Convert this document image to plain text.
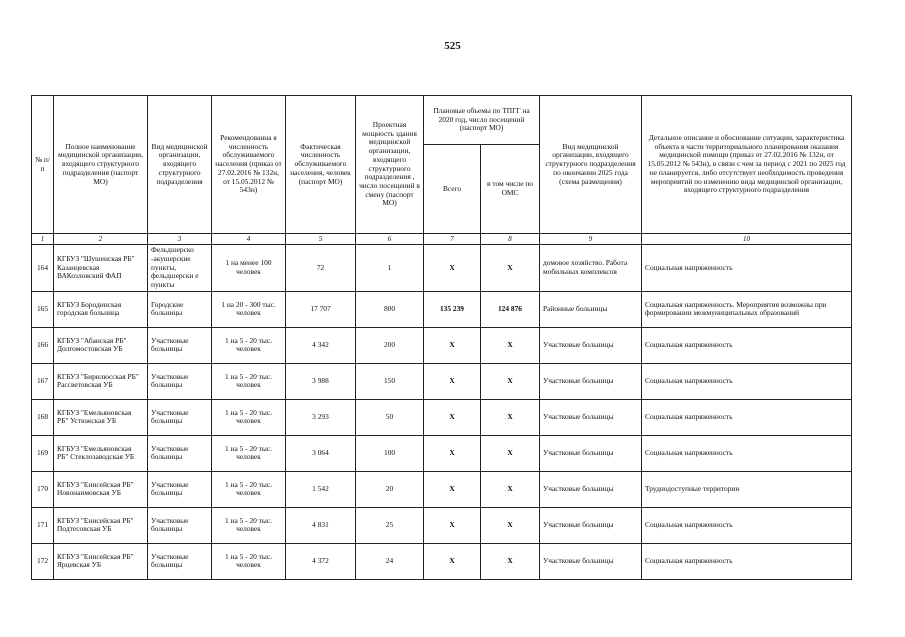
525
№ п/п	Полное наименование медицинской организации, входящего структурного подразделения (паспорт МО)	Вид медицинской организации, входящего структурного подразделения	Рекомендованна я численность обслуживаемого населения (приказ от 27.02.2016 № 132н, от 15.05.2012 № 543н)	Фактическая численность обслуживаемого населения, человек (паспорт МО)	Проектная мощность здания медицинской организации, входящего структурного подразделения , число посещений в смену (паспорт МО)	Плановые объемы по ТПГГ на 2020 год, число посещений (паспорт МО)		Вид медицинской организации, входящего структурного подразделения по окончании 2025 года (схема размещения)	Детальное описание и обоснование ситуации, характеристика объекта в части территориального планирования оказания медицинской помощи (приказ от 27.02.2016 № 132н, от 15.05.2012 № 543н), в связи с чем за период с 2021 по 2025 год не планируется, либо отсутствует необходимость проведения мероприятий по изменению вида медицинской организации, входящего структурного подразделения
						Всего	в том числе по ОМС		
1	2	3	4	5	6	7	8	9	10
164	КГБУЗ "Шушенская РБ" Казанцевская ВАКозловский ФАП	Фельдшерско -акушерские пункты, фельдшерски е пункты	1 на менее 100 человек	72	1	Х	Х	домовое хозяйство. Работа мобильных комплексов	Социальная напряженность
165	КГБУЗ Бородинская городская больница	Городские больницы	1 на 20 - 300 тыс. человек	17 707	800	135 239	124 876	Районные больницы	Социальная напряженность. Мероприятия возможны при формировании межмуниципальных образований
166	КГБУЗ "Абанская РБ" Долгомостовская УБ	Участковые больницы	1 на 5 - 20 тыс. человек	4 342	200	Х	Х	Участковые больницы	Социальная напряженность
167	КГБУЗ "Бирилюсская РБ" Рассветовская УБ	Участковые больницы	1 на 5 - 20 тыс. человек	3 988	150	Х	Х	Участковые больницы	Социальная напряженность
168	КГБУЗ "Емельяновская РБ" Устюжская УБ	Участковые больницы	1 на 5 - 20 тыс. человек	3 293	50	Х	Х	Участковые больницы	Социальная напряженность
169	КГБУЗ "Емельяновская РБ" Стеклозаводская УБ	Участковые больницы	1 на 5 - 20 тыс. человек	3 064	100	Х	Х	Участковые больницы	Социальная напряженность
170	КГБУЗ "Енисейская РБ" Новонаимовская УБ	Участковые больницы	1 на 5 - 20 тыс. человек	1 542	20	Х	Х	Участковые больницы	Труднодоступные территории
171	КГБУЗ "Енисейская РБ" Подтесовская УБ	Участковые больницы	1 на 5 - 20 тыс. человек	4 831	25	Х	Х	Участковые больницы	Социальная напряженность
172	КГБУЗ "Енисейская РБ" Ярцевская УБ	Участковые больницы	1 на 5 - 20 тыс. человек	4 372	24	Х	Х	Участковые больницы	Социальная напряженность
